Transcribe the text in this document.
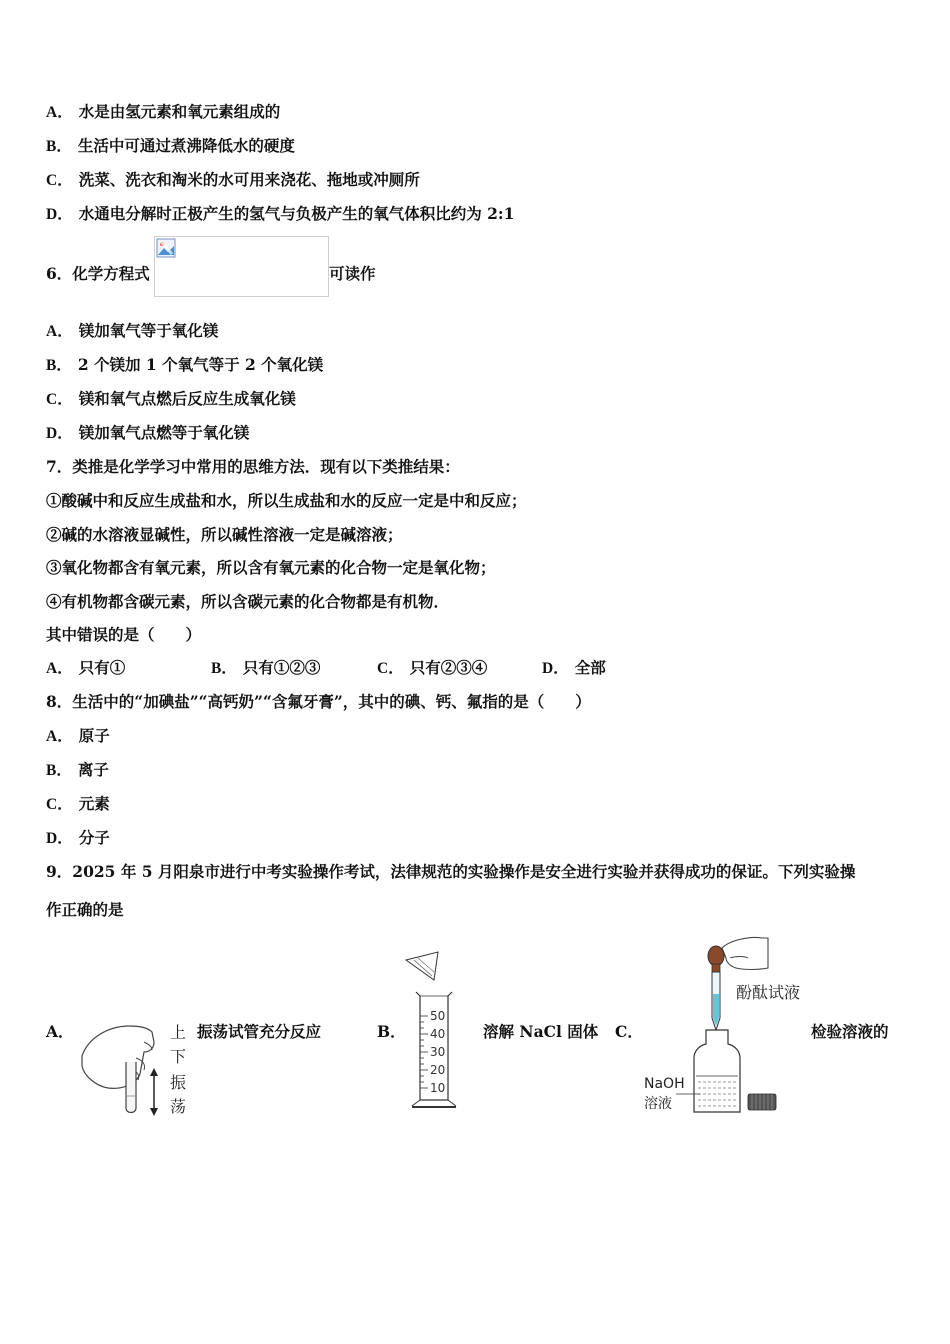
A． 水是由氢元素和氧元素组成的
B． 生活中可通过煮沸降低水的硬度
C． 洗菜、洗衣和淘米的水可用来浇花、拖地或冲厕所
D． 水通电分解时正极产生的氢气与负极产生的氧气体积比约为 2:1
6．化学方程式	可读作
A． 镁加氧气等于氧化镁
B． 2 个镁加 1 个氧气等于 2 个氧化镁
C． 镁和氧气点燃后反应生成氧化镁
D． 镁加氧气点燃等于氧化镁
7．类推是化学学习中常用的思维方法．现有以下类推结果：
①酸碱中和反应生成盐和水，所以生成盐和水的反应一定是中和反应；
②碱的水溶液显碱性，所以碱性溶液一定是碱溶液；
③氧化物都含有氧元素，所以含有氧元素的化合物一定是氧化物；
④有机物都含碳元素，所以含碳元素的化合物都是有机物．
其中错误的是（　　）
A． 只有①	B． 只有①②③	C． 只有②③④	D． 全部
8．生活中的“加碘盐”“高钙奶”“含氟牙膏”，其中的碘、钙、氟指的是（　　）
A． 原子
B． 离子
C． 元素
D． 分子
9．2025 年 5 月阳泉市进行中考实验操作考试，法律规范的实验操作是安全进行实验并获得成功的保证。下列实验操
作正确的是
A．	上
下
振
荡
振荡试管充分反应	B．
50
40
30
20
10
溶解 NaCl 固体 C．
酚酞试液
NaOH
溶液
检验溶液的
